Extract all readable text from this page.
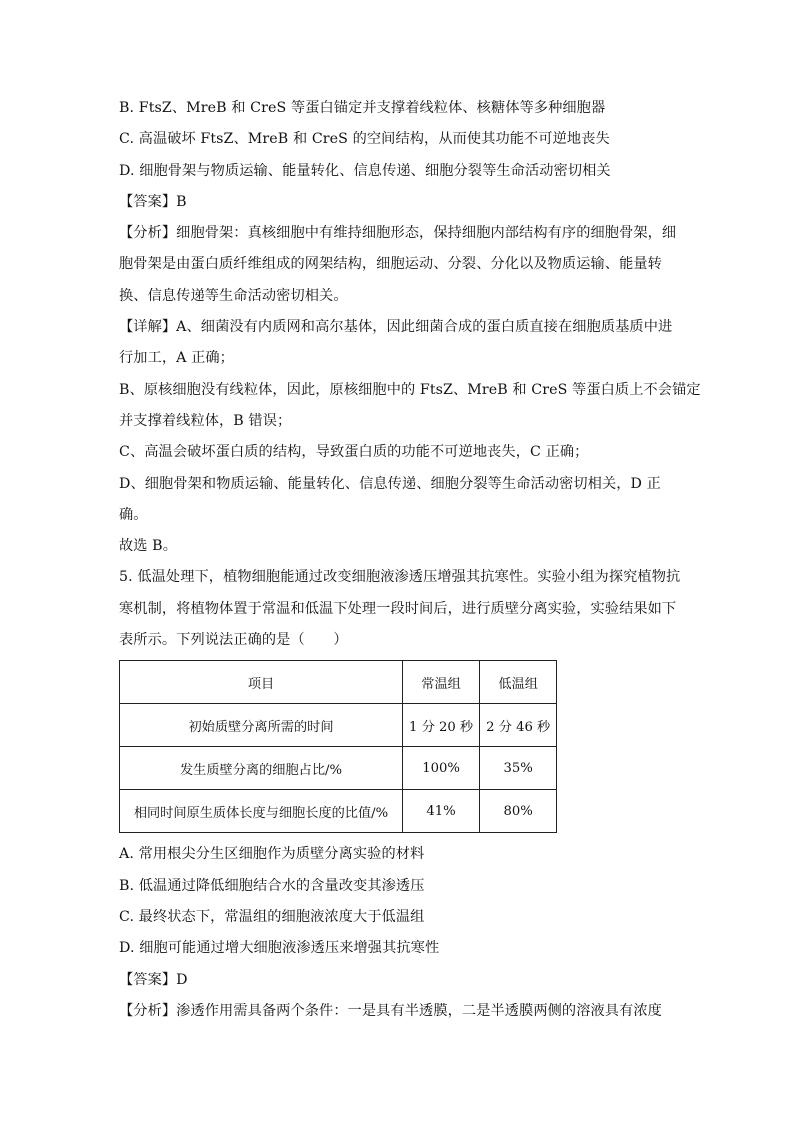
B. FtsZ、MreB 和 CreS 等蛋白锚定并支撑着线粒体、核糖体等多种细胞器
C. 高温破坏 FtsZ、MreB 和 CreS 的空间结构，从而使其功能不可逆地丧失
D. 细胞骨架与物质运输、能量转化、信息传递、细胞分裂等生命活动密切相关
【答案】B
【分析】细胞骨架：真核细胞中有维持细胞形态，保持细胞内部结构有序的细胞骨架，细
胞骨架是由蛋白质纤维组成的网架结构，细胞运动、分裂、分化以及物质运输、能量转
换、信息传递等生命活动密切相关。
【详解】A、细菌没有内质网和高尔基体，因此细菌合成的蛋白质直接在细胞质基质中进
行加工，A 正确；
B、原核细胞没有线粒体，因此，原核细胞中的 FtsZ、MreB 和 CreS 等蛋白质上不会锚定
并支撑着线粒体，B 错误；
C、高温会破坏蛋白质的结构，导致蛋白质的功能不可逆地丧失，C 正确；
D、细胞骨架和物质运输、能量转化、信息传递、细胞分裂等生命活动密切相关，D 正
确。
故选 B。
5. 低温处理下，植物细胞能通过改变细胞液渗透压增强其抗寒性。实验小组为探究植物抗
寒机制，将植物体置于常温和低温下处理一段时间后，进行质壁分离实验，实验结果如下
表所示。下列说法正确的是（　　）
项目	常温组	低温组
初始质壁分离所需的时间	1 分 20 秒	2 分 46 秒
发生质壁分离的细胞占比/%	100%	35%
相同时间原生质体长度与细胞长度的比值/%	41%	80%
A. 常用根尖分生区细胞作为质壁分离实验的材料
B. 低温通过降低细胞结合水的含量改变其渗透压
C. 最终状态下，常温组的细胞液浓度大于低温组
D. 细胞可能通过增大细胞液渗透压来增强其抗寒性
【答案】D
【分析】渗透作用需具备两个条件：一是具有半透膜，二是半透膜两侧的溶液具有浓度
